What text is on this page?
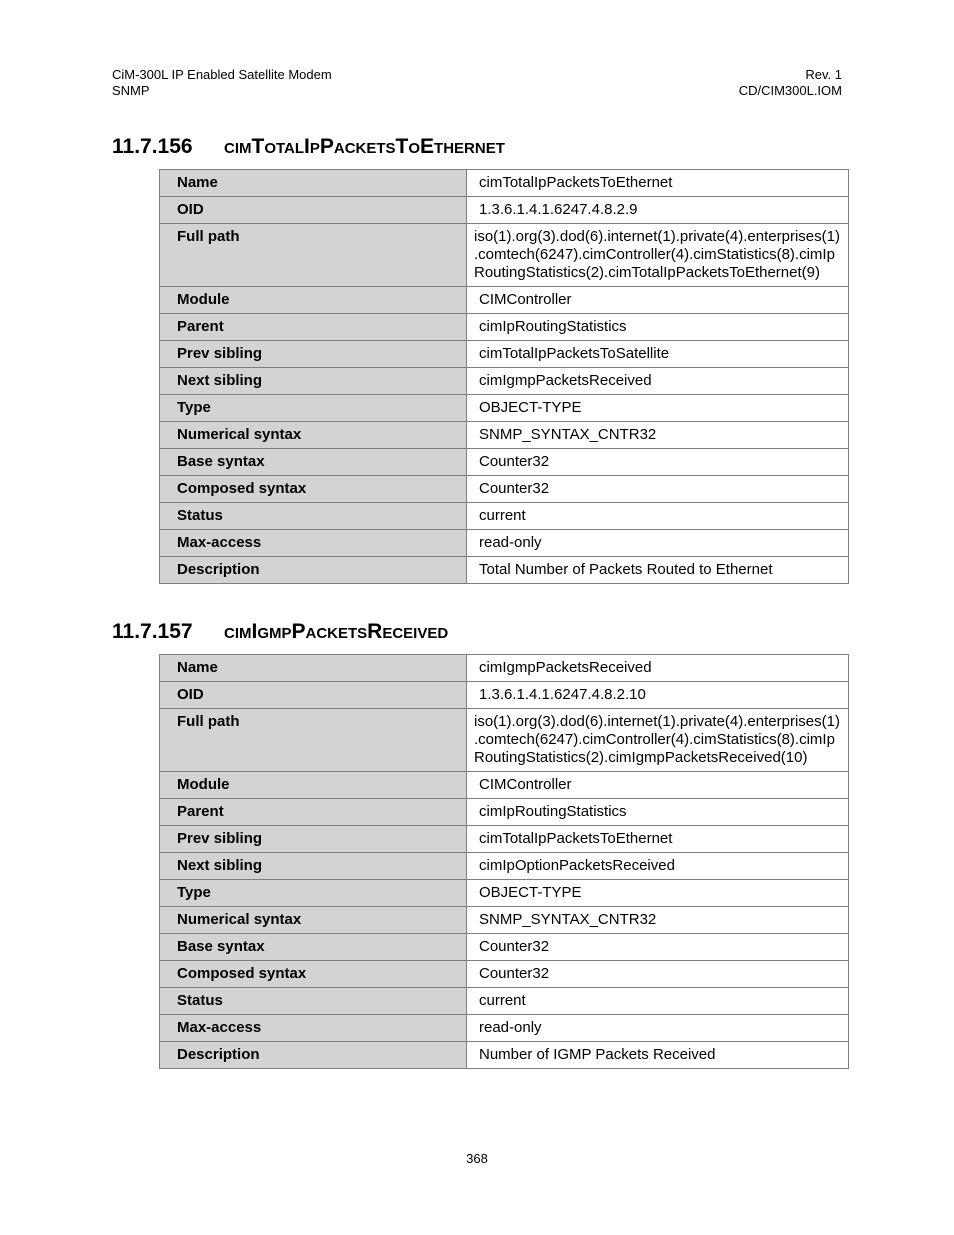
CiM-300L IP Enabled Satellite Modem
SNMP
Rev. 1
CD/CIM300L.IOM
11.7.156	cimTotalIpPacketsToEthernet
Name	cimTotalIpPacketsToEthernet
OID	1.3.6.1.4.1.6247.4.8.2.9
Full path	iso(1).org(3).dod(6).internet(1).private(4).enterprises(1)
.comtech(6247).cimController(4).cimStatistics(8).cimIp
RoutingStatistics(2).cimTotalIpPacketsToEthernet(9)

Module	CIMController
Parent	cimIpRoutingStatistics
Prev sibling	cimTotalIpPacketsToSatellite
Next sibling	cimIgmpPacketsReceived
Type	OBJECT-TYPE
Numerical syntax	SNMP_SYNTAX_CNTR32
Base syntax	Counter32
Composed syntax	Counter32
Status	current
Max-access	read-only
Description	Total Number of Packets Routed to Ethernet
11.7.157	cimIgmpPacketsReceived
Name	cimIgmpPacketsReceived
OID	1.3.6.1.4.1.6247.4.8.2.10
Full path	iso(1).org(3).dod(6).internet(1).private(4).enterprises(1)
.comtech(6247).cimController(4).cimStatistics(8).cimIp
RoutingStatistics(2).cimIgmpPacketsReceived(10)

Module	CIMController
Parent	cimIpRoutingStatistics
Prev sibling	cimTotalIpPacketsToEthernet
Next sibling	cimIpOptionPacketsReceived
Type	OBJECT-TYPE
Numerical syntax	SNMP_SYNTAX_CNTR32
Base syntax	Counter32
Composed syntax	Counter32
Status	current
Max-access	read-only
Description	Number of IGMP Packets Received
368
